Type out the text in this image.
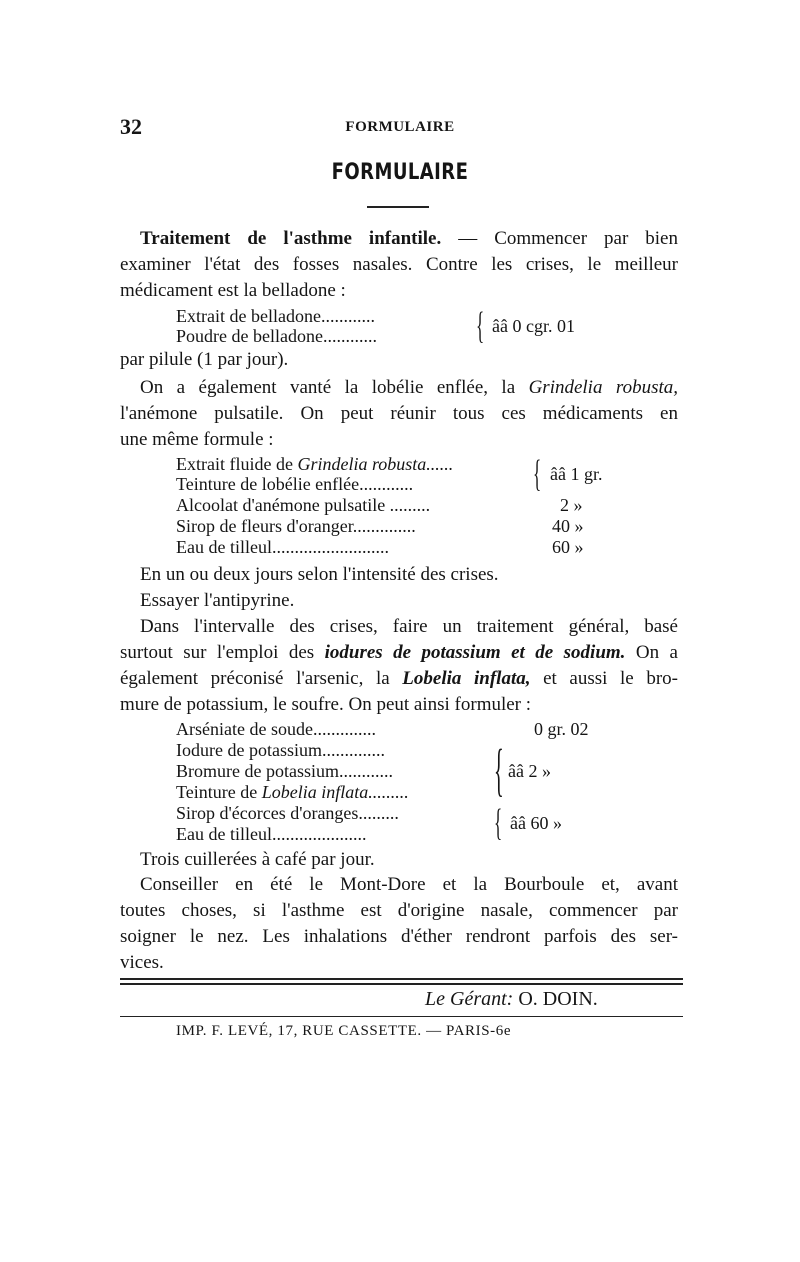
32	FORMULAIRE
FORMULAIRE
Traitement de l'asthme infantile. — Commencer par bien
examiner l'état des fosses nasales. Contre les crises, le meilleur
médicament est la belladone :
Extrait de belladone............
Poudre de belladone............	{ ââ 0 cgr. 01
par pilule (1 par jour).
On a également vanté la lobélie enflée, la Grindelia robusta,
l'anémone pulsatile. On peut réunir tous ces médicaments en
une même formule :
Extrait fluide de Grindelia robusta......
Teinture de lobélie enflée............	{ ââ 1 gr.
Alcoolat d'anémone pulsatile .........	2 »
Sirop de fleurs d'oranger..............	40 »
Eau de tilleul..........................	60 »
En un ou deux jours selon l'intensité des crises.
Essayer l'antipyrine.
Dans l'intervalle des crises, faire un traitement général, basé
surtout sur l'emploi des iodures de potassium et de sodium. On a
également préconisé l'arsenic, la Lobelia inflata, et aussi le bro-
mure de potassium, le soufre. On peut ainsi formuler :
Arséniate de soude..............	0 gr. 02
Iodure de potassium..............
Bromure de potassium............
Teinture de Lobelia inflata......... { ââ 2 »
Sirop d'écorces d'oranges.........
Eau de tilleul.....................	{ ââ 60 »
Trois cuillerées à café par jour.
Conseiller en été le Mont-Dore et la Bourboule et, avant
toutes choses, si l'asthme est d'origine nasale, commencer par
soigner le nez. Les inhalations d'éther rendront parfois des ser-
vices.
Le Gérant: O. DOIN.
IMP. F. LEVÉ, 17, RUE CASSETTE. — PARIS-6e
